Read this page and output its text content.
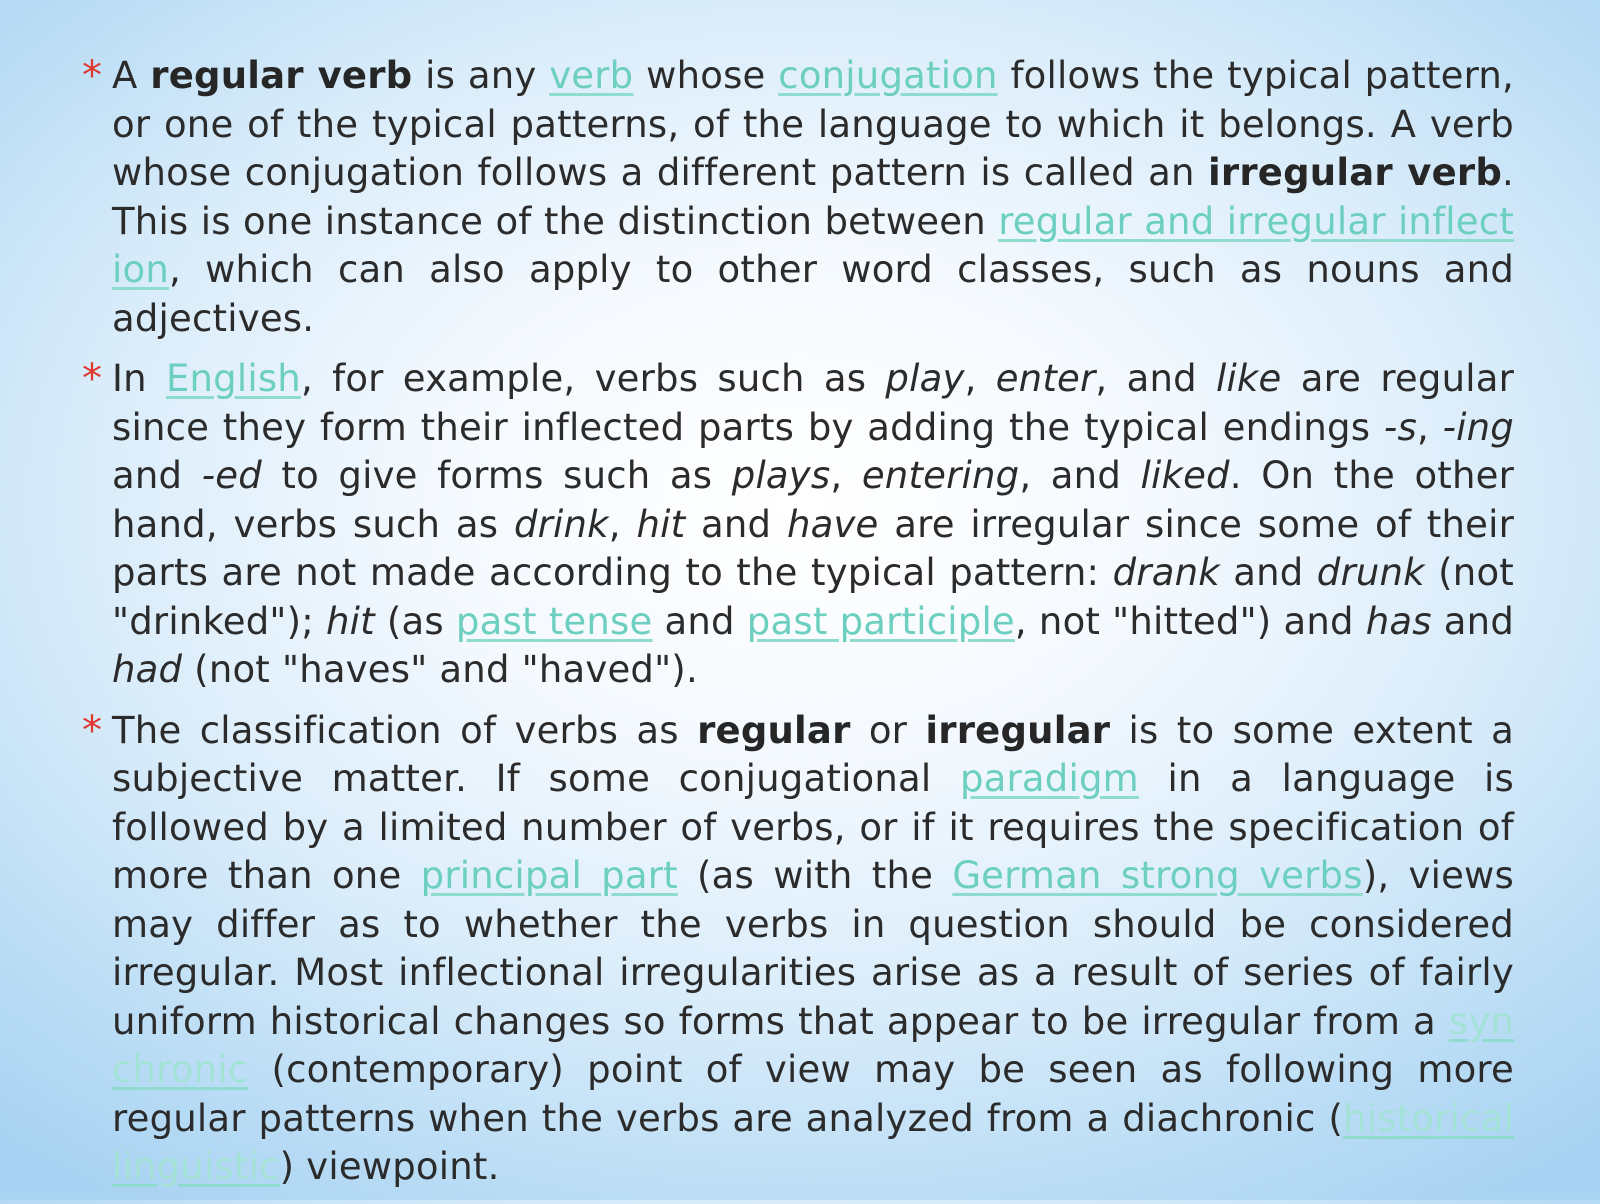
* A regular verb is any verb whose conjugation follows the typical pattern, or one of the typical patterns, of the language to which it belongs. A verb whose conjugation follows a different pattern is called an irregular verb. This is one instance of the distinction between regular and irregular inflect ion, which can also apply to other word classes, such as nouns and adjectives.
* In English, for example, verbs such as play, enter, and like are regular since they form their inflected parts by adding the typical endings -s, -ing and -ed to give forms such as plays, entering, and liked. On the other hand, verbs such as drink, hit and have are irregular since some of their parts are not made according to the typical pattern: drank and drunk (not "drinked"); hit (as past tense and past participle, not "hitted") and has and had (not "haves" and "haved").
* The classification of verbs as regular or irregular is to some extent a subjective matter. If some conjugational paradigm in a language is followed by a limited number of verbs, or if it requires the specification of more than one principal part (as with the German strong verbs), views may differ as to whether the verbs in question should be considered irregular. Most inflectional irregularities arise as a result of series of fairly uniform historical changes so forms that appear to be irregular from a syn chronic (contemporary) point of view may be seen as following more regular patterns when the verbs are analyzed from a diachronic (historical linguistic) viewpoint.
